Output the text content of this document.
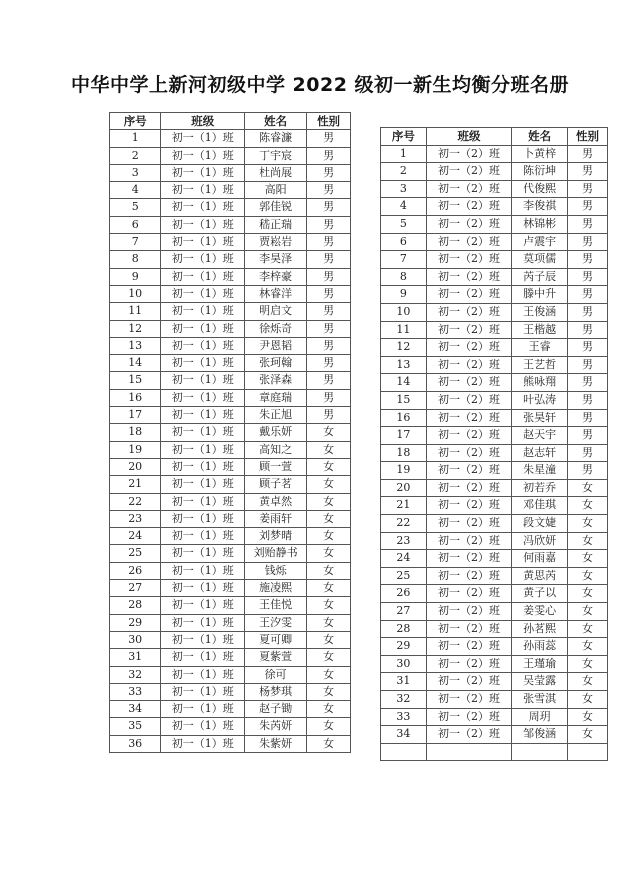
中华中学上新河初级中学 2022 级初一新生均衡分班名册
序号	班级	姓名	性别
1	初一（1）班	陈睿濂	男
2	初一（1）班	丁宇宸	男
3	初一（1）班	杜尚展	男
4	初一（1）班	高阳	男
5	初一（1）班	郭佳锐	男
6	初一（1）班	嵇正瑞	男
7	初一（1）班	贾崧岩	男
8	初一（1）班	李昊泽	男
9	初一（1）班	李梓豪	男
10	初一（1）班	林睿洋	男
11	初一（1）班	明启文	男
12	初一（1）班	徐烁奇	男
13	初一（1）班	尹恩韬	男
14	初一（1）班	张珂翰	男
15	初一（1）班	张泽森	男
16	初一（1）班	章庭瑞	男
17	初一（1）班	朱正旭	男
18	初一（1）班	戴乐妍	女
19	初一（1）班	高知之	女
20	初一（1）班	顾一萱	女
21	初一（1）班	顾子茗	女
22	初一（1）班	黄卓然	女
23	初一（1）班	姜雨轩	女
24	初一（1）班	刘梦晴	女
25	初一（1）班	刘贻静书	女
26	初一（1）班	钱烁	女
27	初一（1）班	施凌熙	女
28	初一（1）班	王佳悦	女
29	初一（1）班	王汐雯	女
30	初一（1）班	夏可卿	女
31	初一（1）班	夏紫萱	女
32	初一（1）班	徐可	女
33	初一（1）班	杨梦琪	女
34	初一（1）班	赵子锄	女
35	初一（1）班	朱芮妍	女
36	初一（1）班	朱紫妍	女
序号	班级	姓名	性别
1	初一（2）班	卜黄梓	男
2	初一（2）班	陈衍坤	男
3	初一（2）班	代俊熙	男
4	初一（2）班	李俊祺	男
5	初一（2）班	林锦彬	男
6	初一（2）班	卢震宇	男
7	初一（2）班	莫项儒	男
8	初一（2）班	芮子辰	男
9	初一（2）班	滕中升	男
10	初一（2）班	王俊涵	男
11	初一（2）班	王楷越	男
12	初一（2）班	王睿	男
13	初一（2）班	王艺哲	男
14	初一（2）班	熊咏翔	男
15	初一（2）班	叶弘涛	男
16	初一（2）班	张昊轩	男
17	初一（2）班	赵天宇	男
18	初一（2）班	赵志轩	男
19	初一（2）班	朱星潼	男
20	初一（2）班	初若乔	女
21	初一（2）班	邓佳琪	女
22	初一（2）班	段文婕	女
23	初一（2）班	冯欣妍	女
24	初一（2）班	何雨嘉	女
25	初一（2）班	黄思芮	女
26	初一（2）班	黄子以	女
27	初一（2）班	姜雯心	女
28	初一（2）班	孙茗熙	女
29	初一（2）班	孙雨蕊	女
30	初一（2）班	王瑾瑜	女
31	初一（2）班	吴莹露	女
32	初一（2）班	张雪淇	女
33	初一（2）班	周玥	女
34	初一（2）班	邹俊涵	女
